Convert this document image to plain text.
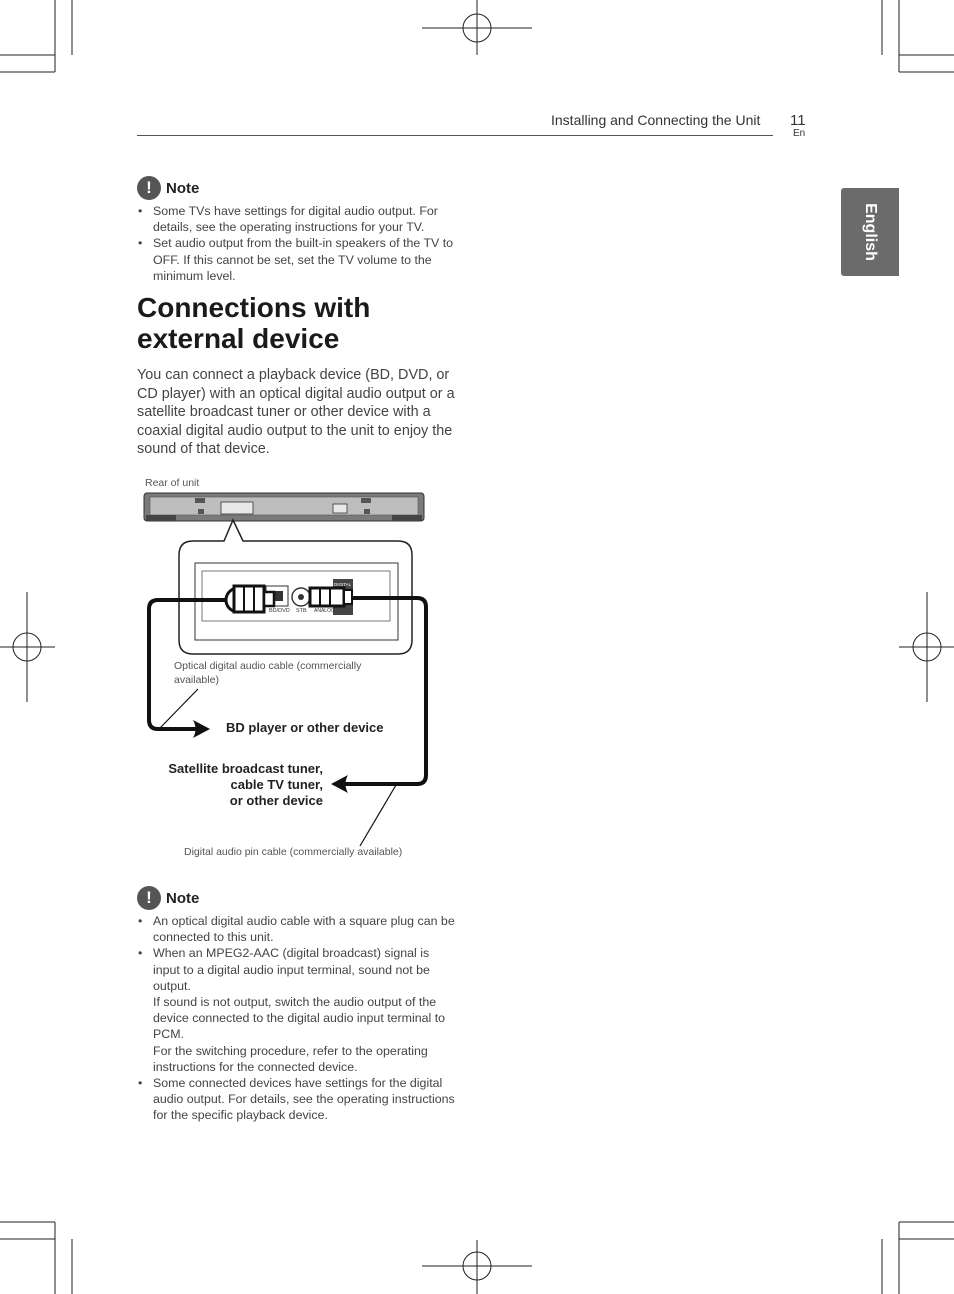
Installing and Connecting the Unit 11
En
English
! Note
• Some TVs have settings for digital audio output. For details, see the operating instructions for your TV.
• Set audio output from the built-in speakers of the TV to OFF. If this cannot be set, set the TV volume to the minimum level.
Connections with external device
You can connect a playback device (BD, DVD, or CD player) with an optical digital audio output or a satellite broadcast tuner or other device with a coaxial digital audio output to the unit to enjoy the sound of that device.
Rear of unit
BD/DVD STB ANALOG
DIGITAL
Optical digital audio cable (commercially available)
BD player or other device
Satellite broadcast tuner,
cable TV tuner,
or other device
Digital audio pin cable (commercially available)
! Note
• An optical digital audio cable with a square plug can be connected to this unit.
• When an MPEG2-AAC (digital broadcast) signal is input to a digital audio input terminal, sound not be output.
If sound is not output, switch the audio output of the device connected to the digital audio input terminal to PCM.
For the switching procedure, refer to the operating instructions for the connected device.
• Some connected devices have settings for the digital audio output. For details, see the operating instructions for the specific playback device.
